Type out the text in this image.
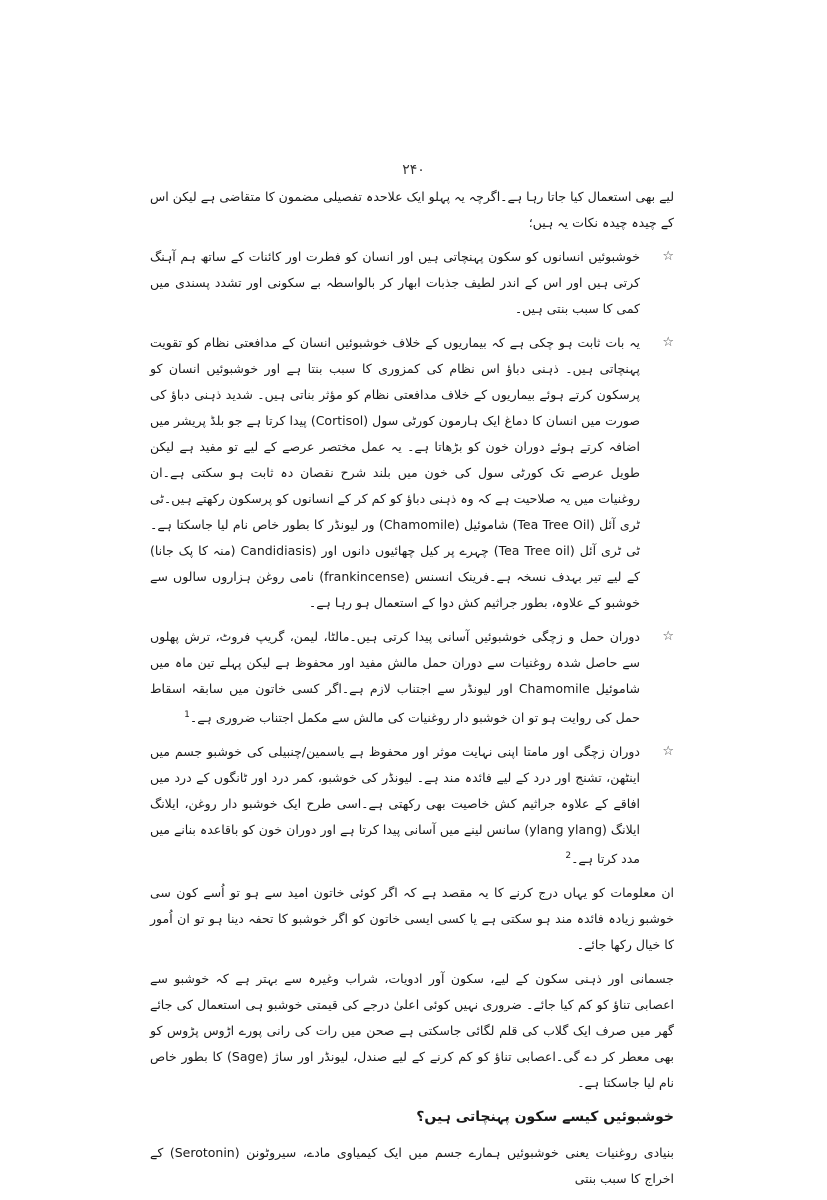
۲۴۰

لیے بھی استعمال کیا جاتا رہا ہے۔اگرچہ یہ پہلو ایک علاحدہ تفصیلی مضمون کا متقاضی ہے لیکن اس کے چیدہ چیدہ نکات یہ ہیں؛

☆
خوشبوئیں انسانوں کو سکون پہنچاتی ہیں اور انسان کو فطرت اور کائنات کے ساتھ ہم آہنگ کرتی ہیں اور اس کے اندر لطیف جذبات ابھار کر بالواسطہ بے سکونی اور تشدد پسندی میں کمی کا سبب بنتی ہیں۔
☆
یہ بات ثابت ہو چکی ہے کہ بیماریوں کے خلاف خوشبوئیں انسان کے مدافعتی نظام کو تقویت پہنچاتی ہیں۔ ذہنی دباؤ اس نظام کی کمزوری کا سبب بنتا ہے اور خوشبوئیں انسان کو پرسکون کرتے ہوئے بیماریوں کے خلاف مدافعتی نظام کو مؤثر بناتی ہیں۔ شدید ذہنی دباؤ کی صورت میں انسان کا دماغ ایک ہارمون کورٹی سول (Cortisol) پیدا کرتا ہے جو بلڈ پریشر میں اضافہ کرتے ہوئے دوران خون کو بڑھاتا ہے۔ یہ عمل مختصر عرصے کے لیے تو مفید ہے لیکن طویل عرصے تک کورٹی سول کی خون میں بلند شرح نقصان دہ ثابت ہو سکتی ہے۔ان روغنیات میں یہ صلاحیت ہے کہ وہ ذہنی دباؤ کو کم کر کے انسانوں کو پرسکون رکھتے ہیں۔ٹی ٹری آئل (Tea Tree Oil) شاموئیل (Chamomile) ور لیونڈر کا بطور خاص نام لیا جاسکتا ہے۔ٹی ٹری آئل (Tea Tree oil) چہرے پر کیل چھائیوں دانوں اور (Candidiasis (منہ کا پک جانا) کے لیے تیر بہدف نسخہ ہے۔فرینک انسنس (frankincense) نامی روغن ہزاروں سالوں سے خوشبو کے علاوہ، بطور جراثیم کش دوا کے استعمال ہو رہا ہے۔
☆
دوران حمل و زچگی خوشبوئیں آسانی پیدا کرتی ہیں۔مالٹا، لیمن، گریپ فروٹ، ترش پھلوں سے حاصل شدہ روغنیات سے دوران حمل مالش مفید اور محفوظ ہے لیکن پہلے تین ماہ میں شاموئیل Chamomile اور لیونڈر سے اجتناب لازم ہے۔اگر کسی خاتون میں سابقہ اسقاط حمل کی روایت ہو تو ان خوشبو دار روغنیات کی مالش سے مکمل اجتناب ضروری ہے۔$^1$
☆
دوران زچگی اور مامتا اپنی نہایت موثر اور محفوظ ہے یاسمین/چنبیلی کی خوشبو جسم میں اینٹھن، تشنج اور درد کے لیے فائدہ مند ہے۔ لیونڈر کی خوشبو، کمر درد اور ٹانگوں کے درد میں افاقے کے علاوہ جراثیم کش خاصیت بھی رکھتی ہے۔اسی طرح ایک خوشبو دار روغن، ایلانگ ایلانگ (ylang ylang) سانس لینے میں آسانی پیدا کرتا ہے اور دوران خون کو باقاعدہ بنانے میں مدد کرتا ہے۔$^2$

ان معلومات کو یہاں درج کرنے کا یہ مقصد ہے کہ اگر کوئی خاتون امید سے ہو تو اُسے کون سی خوشبو زیادہ فائدہ مند ہو سکتی ہے یا کسی ایسی خاتون کو اگر خوشبو کا تحفہ دینا ہو تو ان اُمور کا خیال رکھا جائے۔

جسمانی اور ذہنی سکون کے لیے، سکون آور ادویات، شراب وغیرہ سے بہتر ہے کہ خوشبو سے اعصابی تناؤ کو کم کیا جائے۔ ضروری نہیں کوئی اعلیٰ درجے کی قیمتی خوشبو ہی استعمال کی جائے گھر میں صرف ایک گلاب کی قلم لگائی جاسکتی ہے صحن میں رات کی رانی پورے اڑوس پڑوس کو بھی معطر کر دے گی۔اعصابی تناؤ کو کم کرنے کے لیے صندل، لیونڈر اور ساژ (Sage) کا بطور خاص نام لیا جاسکتا ہے۔

خوشبوئیں کیسے سکون پہنچاتی ہیں؟

بنیادی روغنیات یعنی خوشبوئیں ہمارے جسم میں ایک کیمیاوی مادے، سیروٹونن (Serotonin) کے اخراج کا سبب بنتی
